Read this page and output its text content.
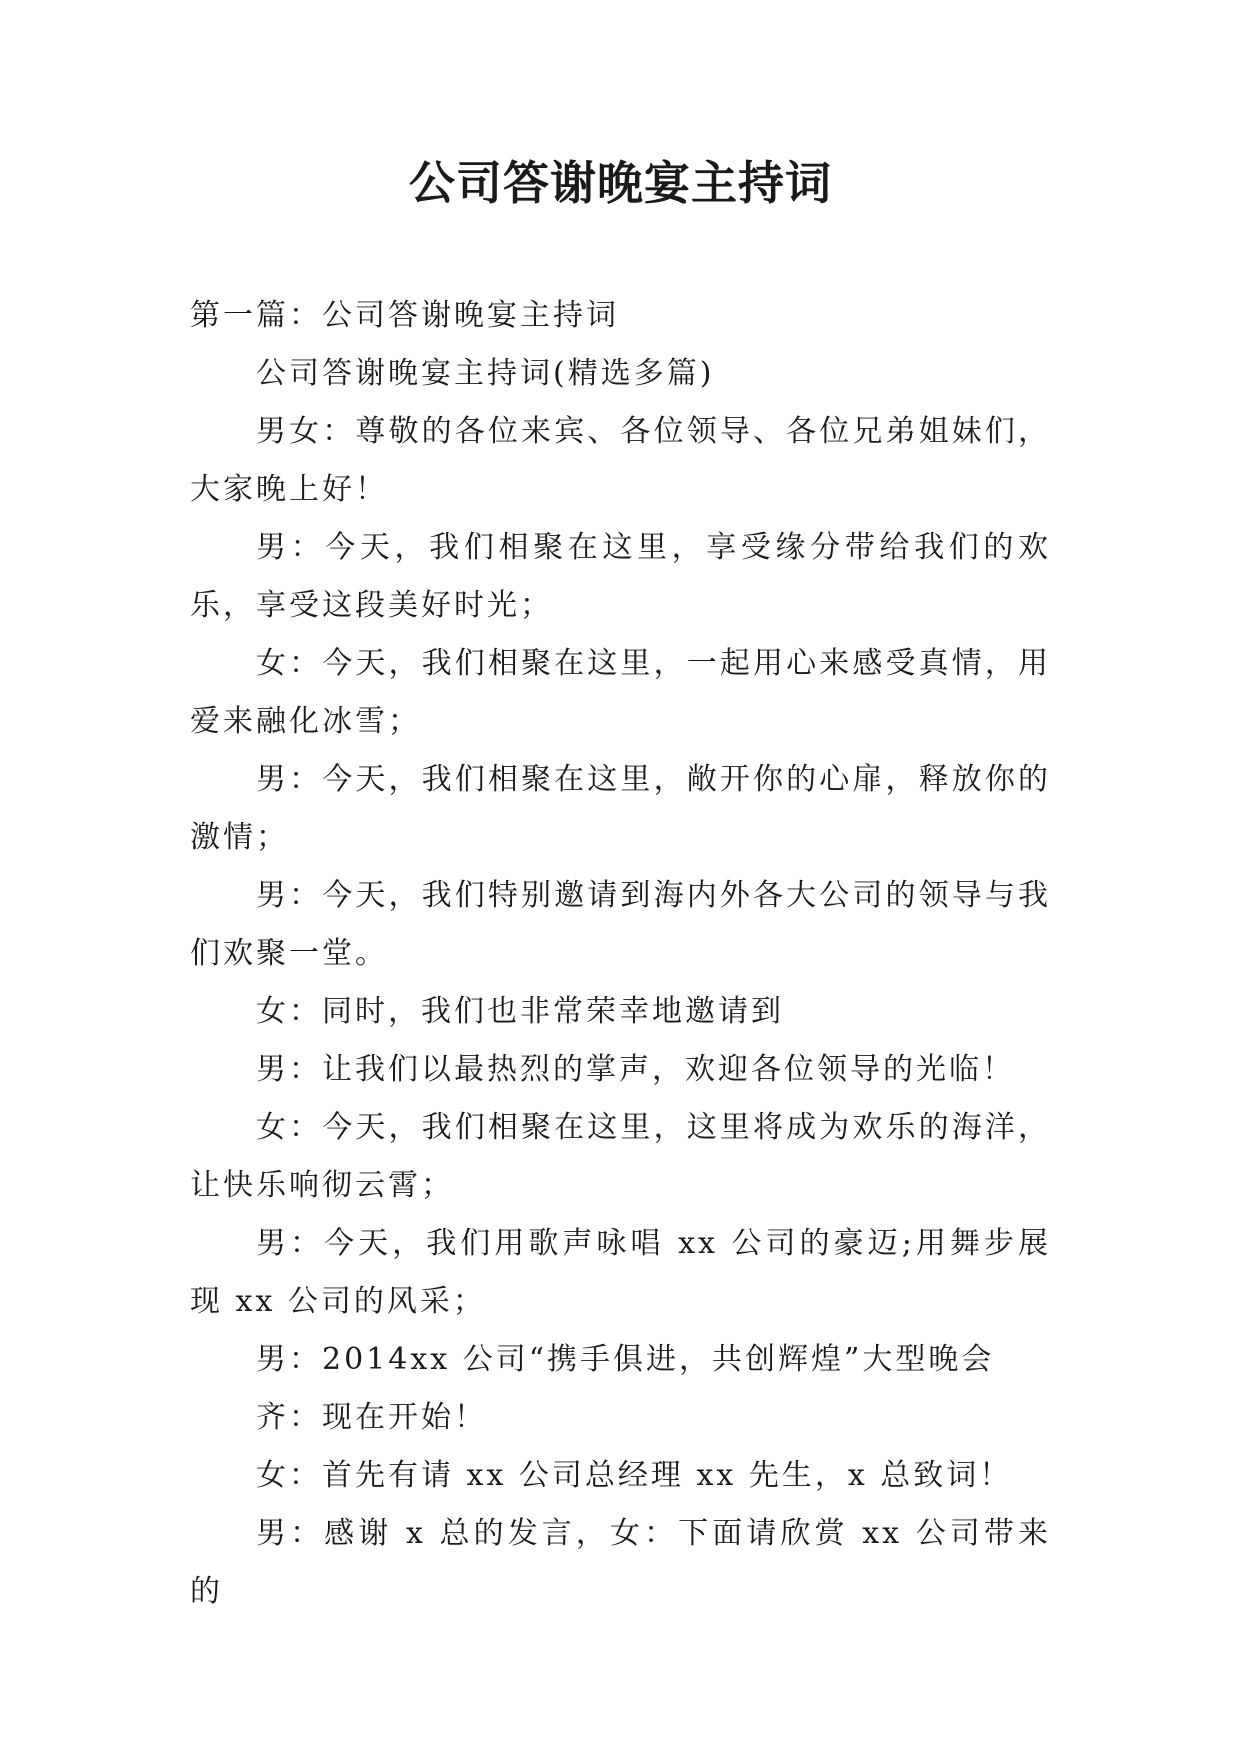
公司答谢晚宴主持词

第一篇：公司答谢晚宴主持词

公司答谢晚宴主持词(精选多篇)

男女：尊敬的各位来宾、各位领导、各位兄弟姐妹们，大家晚上好！

男：今天，我们相聚在这里，享受缘分带给我们的欢乐，享受这段美好时光；

女：今天，我们相聚在这里，一起用心来感受真情，用爱来融化冰雪；

男：今天，我们相聚在这里，敞开你的心扉，释放你的激情；

男：今天，我们特别邀请到海内外各大公司的领导与我们欢聚一堂。

女：同时，我们也非常荣幸地邀请到

男：让我们以最热烈的掌声，欢迎各位领导的光临！

女：今天，我们相聚在这里，这里将成为欢乐的海洋，让快乐响彻云霄；

男：今天，我们用歌声咏唱 xx 公司的豪迈;用舞步展现 xx 公司的风采；

男：2014xx 公司“携手俱进，共创辉煌”大型晚会

齐：现在开始！

女：首先有请 xx 公司总经理 xx 先生，x 总致词！

男：感谢 x 总的发言，女：下面请欣赏 xx 公司带来的
